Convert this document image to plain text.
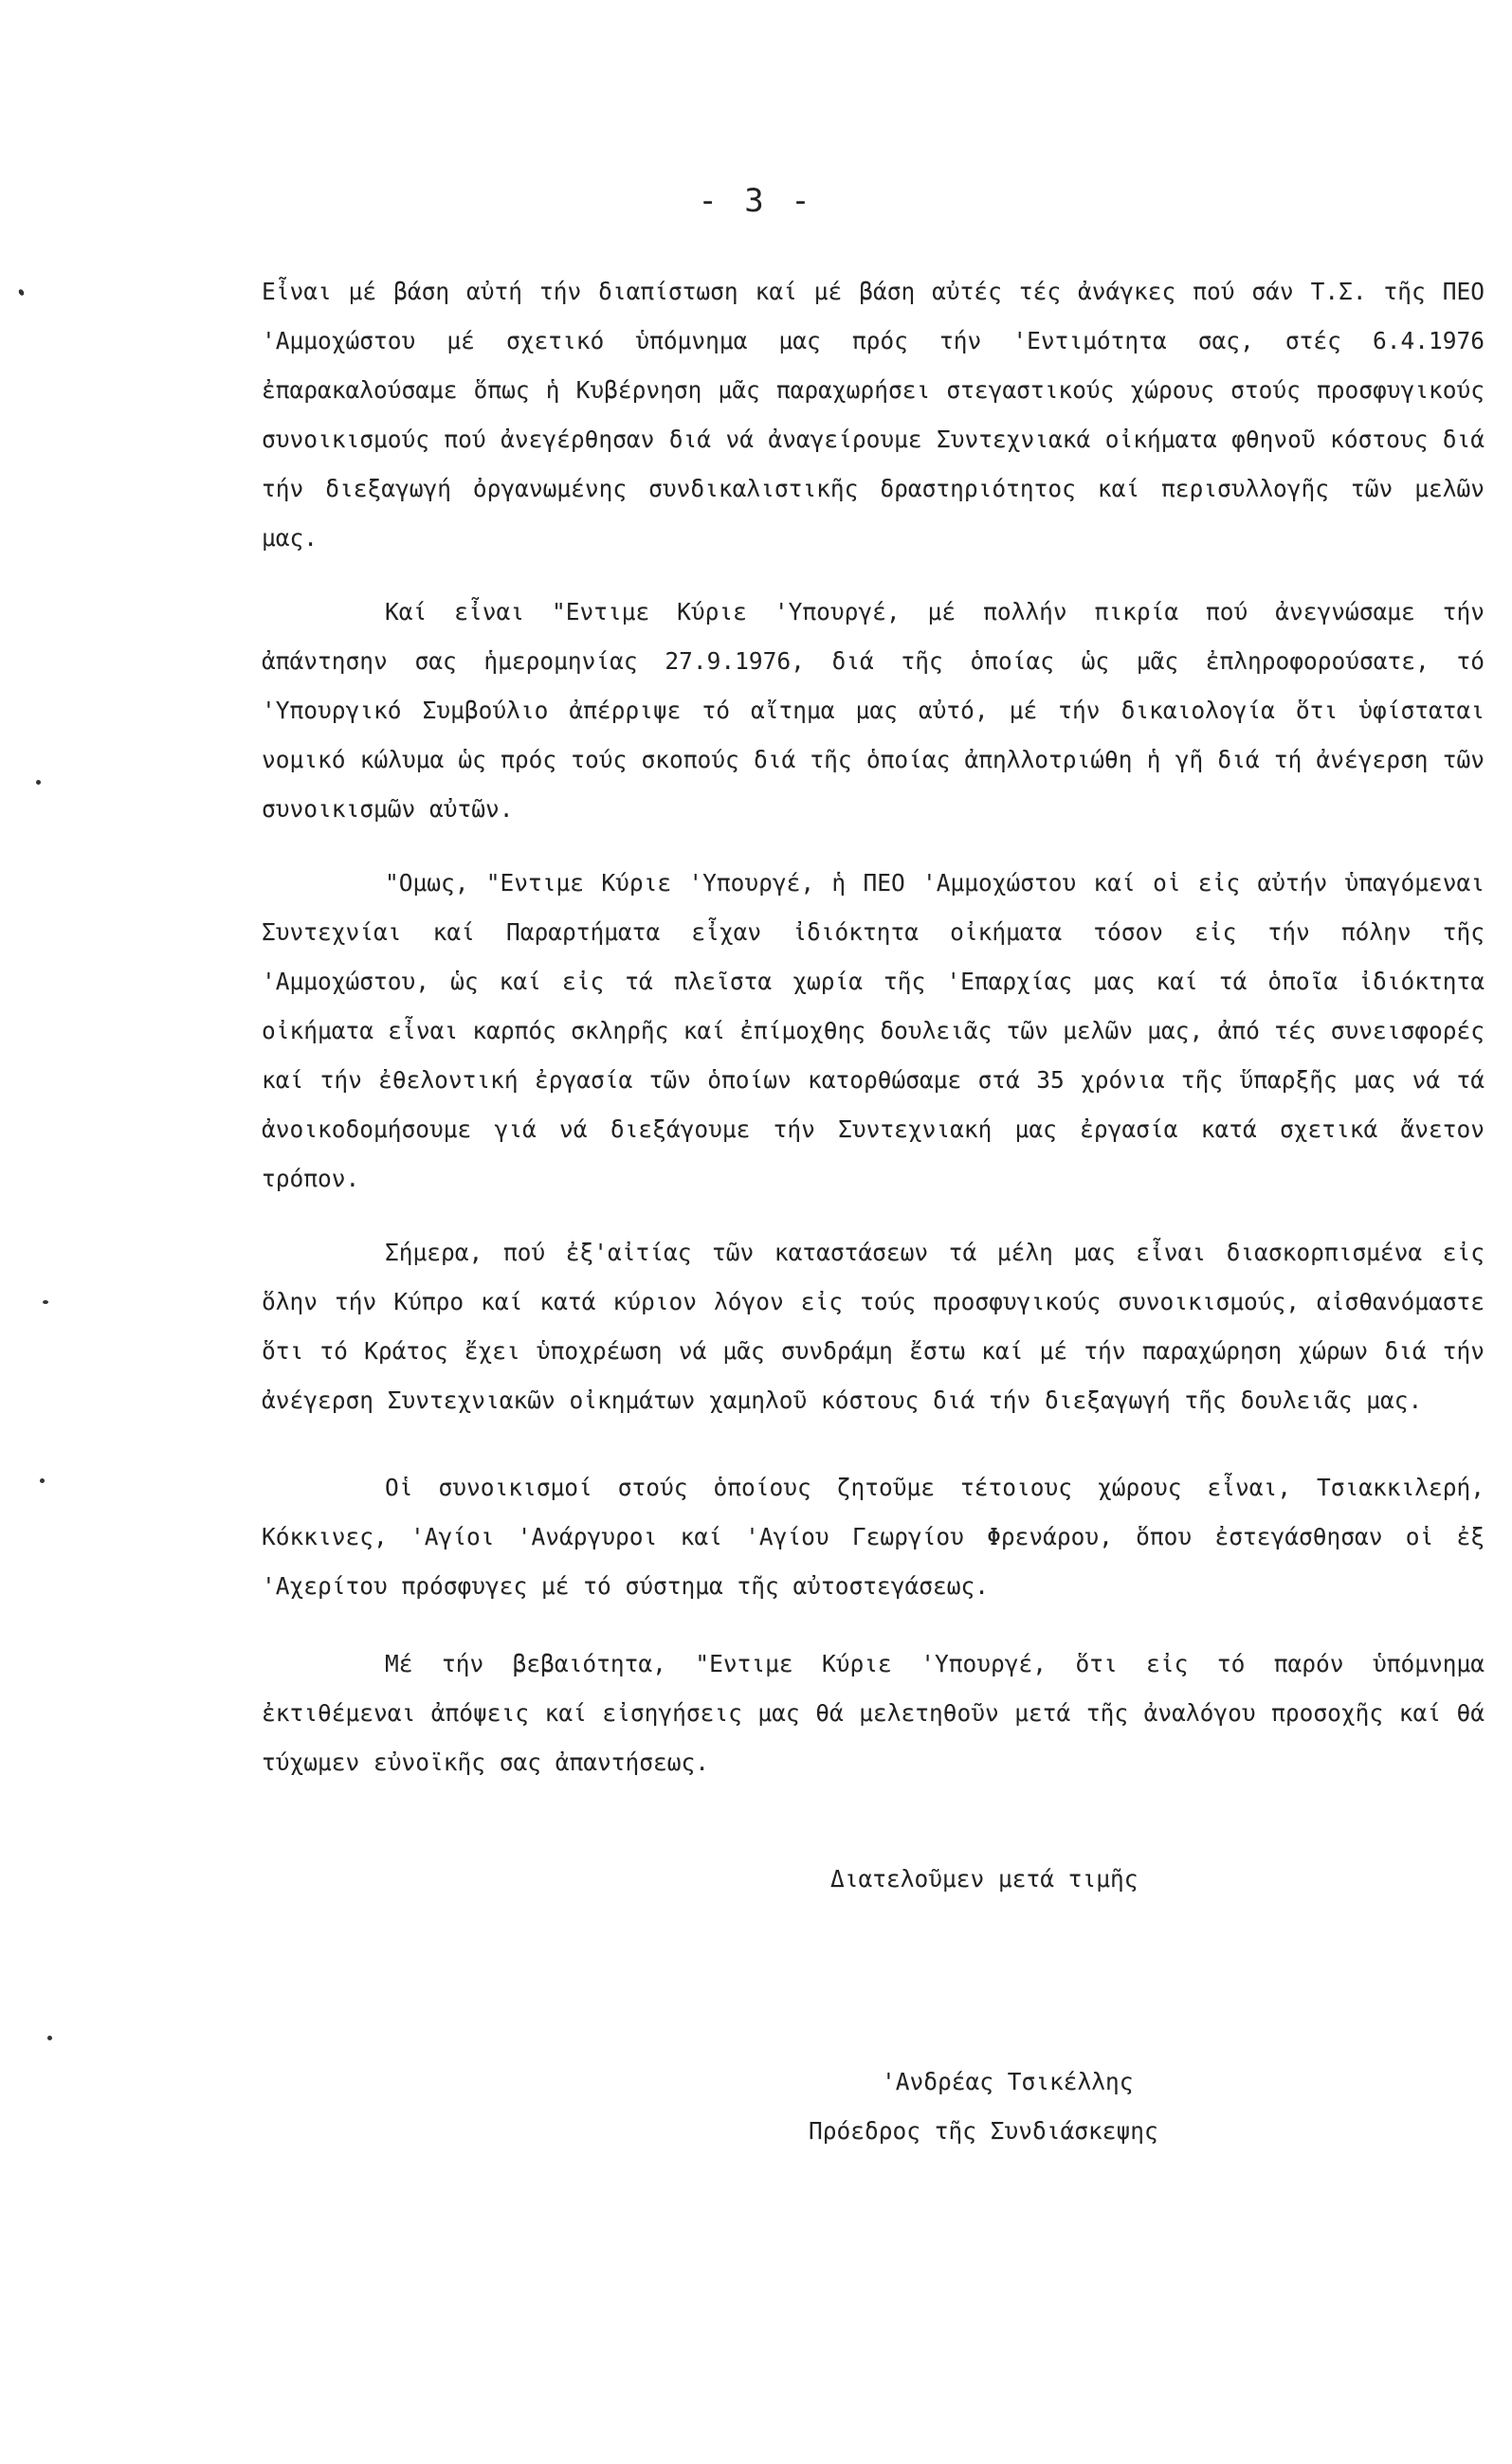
- 3 -

Εἶναι μέ βάση αὐτή τήν διαπίστωση καί μέ βάση αὐτές τές ἀνάγκες πού σάν Τ.Σ. τῆς ΠΕΟ 'Αμμοχώστου μέ σχετικό ὑπόμνημα μας πρός τήν 'Εντιμότητα σας, στές 6.4.1976 ἐπαρακαλούσαμε ὅπως ἡ Κυβέρνηση μᾶς παραχωρήσει στεγαστικούς χώρους στούς προσφυγικούς συνοικισμούς πού ἀνεγέρθησαν διά νά ἀναγείρουμε Συντεχνιακά οἰκήματα φθηνοῦ κόστους διά τήν διεξαγωγή ὀργανωμένης συνδικαλιστικῆς δραστηριότητος καί περισυλλογῆς τῶν μελῶν μας.

Καί εἶναι "Εντιμε Κύριε 'Υπουργέ, μέ πολλήν πικρία πού ἀνεγνώσαμε τήν ἀπάντησην σας ἡμερομηνίας 27.9.1976, διά τῆς ὁποίας ὡς μᾶς ἐπληροφορούσατε, τό 'Υπουργικό Συμβούλιο ἀπέρριψε τό αἴτημα μας αὐτό, μέ τήν δικαιολογία ὅτι ὑφίσταται νομικό κώλυμα ὡς πρός τούς σκοπούς διά τῆς ὁποίας ἀπηλλοτριώθη ἡ γῆ διά τή ἀνέγερση τῶν συνοικισμῶν αὐτῶν.

"Ομως, "Εντιμε Κύριε 'Υπουργέ, ἡ ΠΕΟ 'Αμμοχώστου καί οἱ εἰς αὐτήν ὑπαγόμεναι Συντεχνίαι καί Παραρτήματα εἶχαν ἰδιόκτητα οἰκήματα τόσον εἰς τήν πόλην τῆς 'Αμμοχώστου, ὡς καί εἰς τά πλεῖστα χωρία τῆς 'Επαρχίας μας καί τά ὁποῖα ἰδιόκτητα οἰκήματα εἶναι καρπός σκληρῆς καί ἐπίμοχθης δουλειᾶς τῶν μελῶν μας, ἀπό τές συνεισφορές καί τήν ἐθελοντική ἐργασία τῶν ὁποίων κατορθώσαμε στά 35 χρόνια τῆς ὕπαρξῆς μας νά τά ἀνοικοδομήσουμε γιά νά διεξάγουμε τήν Συντεχνιακή μας ἐργασία κατά σχετικά ἄνετον τρόπον.

Σήμερα, πού ἐξ'αἰτίας τῶν καταστάσεων τά μέλη μας εἶναι διασκορπισμένα εἰς ὅλην τήν Κύπρο καί κατά κύριον λόγον εἰς τούς προσφυγικούς συνοικισμούς, αἰσθανόμαστε ὅτι τό Κράτος ἔχει ὑποχρέωση νά μᾶς συνδράμη ἔστω καί μέ τήν παραχώρηση χώρων διά τήν ἀνέγερση Συντεχνιακῶν οἰκημάτων χαμηλοῦ κόστους διά τήν διεξαγωγή τῆς δουλειᾶς μας.

Οἱ συνοικισμοί στούς ὁποίους ζητοῦμε τέτοιους χώρους εἶναι, Τσιακκιλερή, Κόκκινες, 'Αγίοι 'Ανάργυροι καί 'Αγίου Γεωργίου Φρενάρου, ὅπου ἐστεγάσθησαν οἱ ἐξ 'Αχερίτου πρόσφυγες μέ τό σύστημα τῆς αὐτοστεγάσεως.

Μέ τήν βεβαιότητα, "Εντιμε Κύριε 'Υπουργέ, ὅτι εἰς τό παρόν ὑπόμνημα ἐκτιθέμεναι ἀπόψεις καί εἰσηγήσεις μας θά μελετηθοῦν μετά τῆς ἀναλόγου προσοχῆς καί θά τύχωμεν εὐνοϊκῆς σας ἀπαντήσεως.

Διατελοῦμεν μετά τιμῆς
'Ανδρέας Τσικέλλης
Πρόεδρος τῆς Συνδιάσκεψης
